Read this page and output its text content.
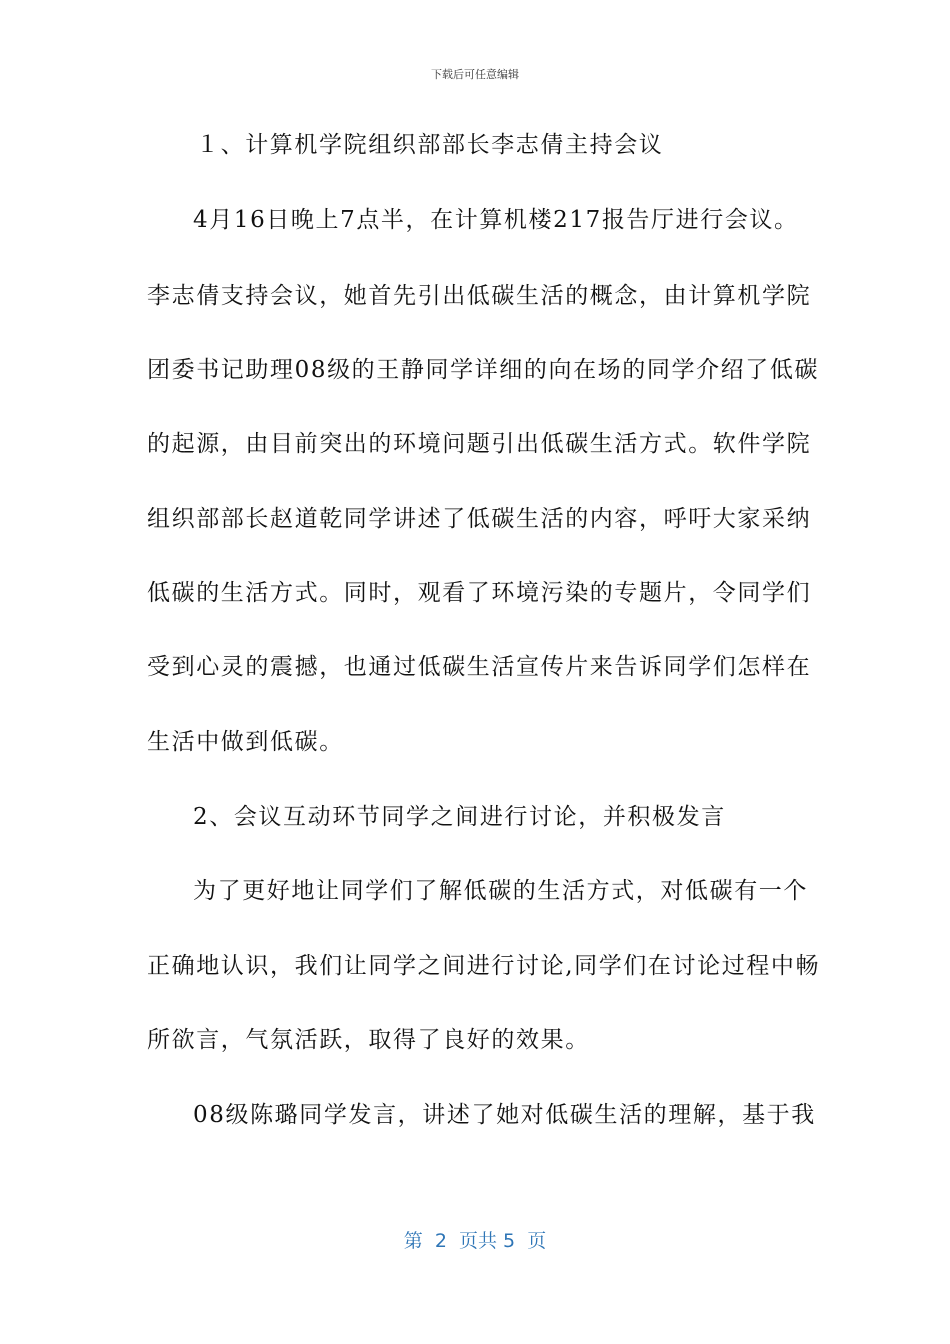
下载后可任意编辑
１、计算机学院组织部部长李志倩主持会议
4月16日晚上7点半，在计算机楼217报告厅进行会议。
李志倩支持会议，她首先引出低碳生活的概念，由计算机学院
团委书记助理08级的王静同学详细的向在场的同学介绍了低碳
的起源，由目前突出的环境问题引出低碳生活方式。软件学院
组织部部长赵道乾同学讲述了低碳生活的内容，呼吁大家采纳
低碳的生活方式。同时，观看了环境污染的专题片，令同学们
受到心灵的震撼，也通过低碳生活宣传片来告诉同学们怎样在
生活中做到低碳。
2、会议互动环节同学之间进行讨论，并积极发言
为了更好地让同学们了解低碳的生活方式，对低碳有一个
正确地认识，我们让同学之间进行讨论,同学们在讨论过程中畅
所欲言，气氛活跃，取得了良好的效果。
08级陈璐同学发言，讲述了她对低碳生活的理解，基于我
第  2  页共 5  页
